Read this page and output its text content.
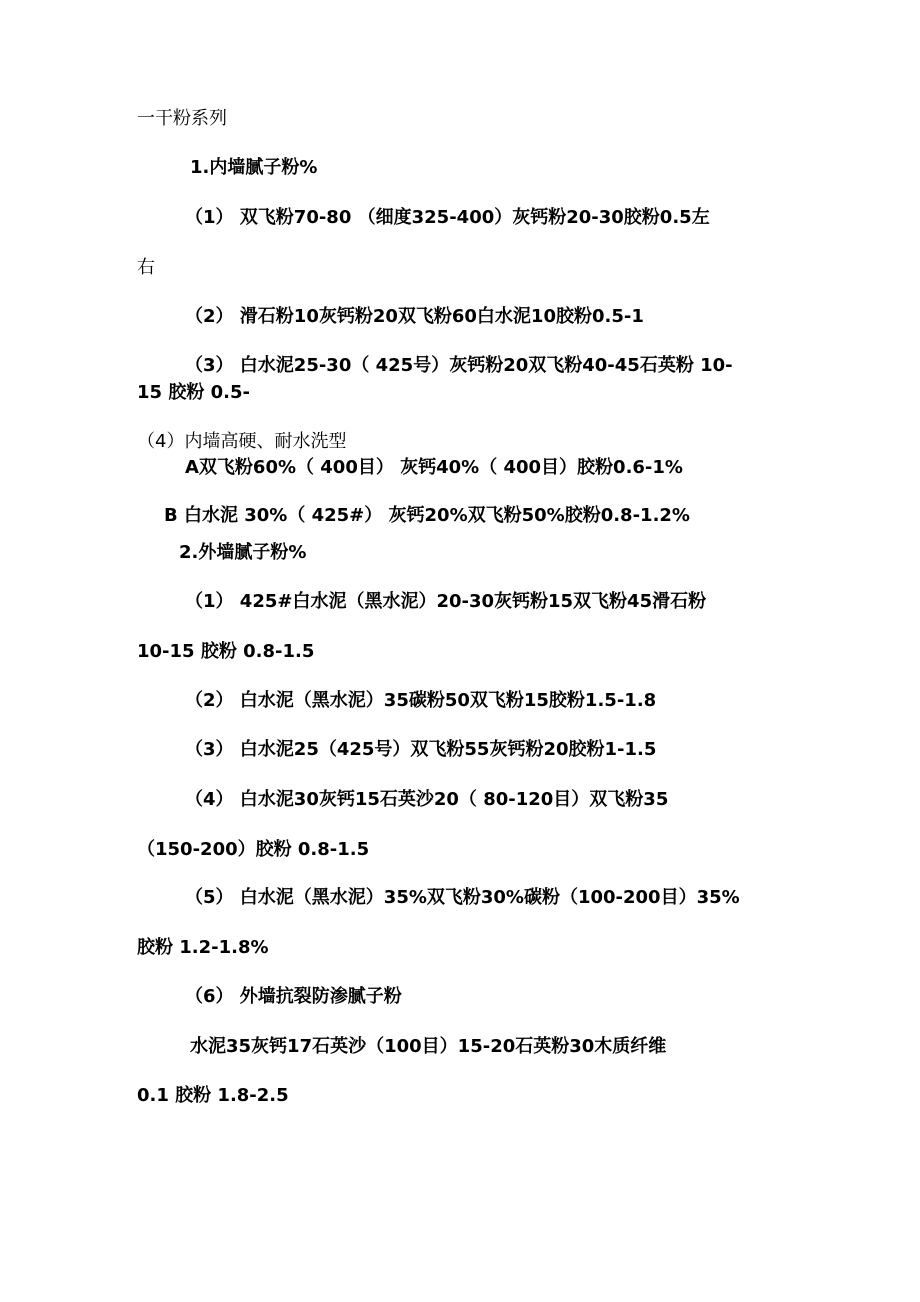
一干粉系列
1.内墙腻子粉%
（1） 双飞粉70-80 （细度325-400）灰钙粉20-30胶粉0.5左
右
（2） 滑石粉10灰钙粉20双飞粉60白水泥10胶粉0.5-1
（3） 白水泥25-30（ 425号）灰钙粉20双飞粉40-45石英粉 10-
15 胶粉 0.5-
（4）内墙高硬、耐水洗型
A双飞粉60%（ 400目） 灰钙40%（ 400目）胶粉0.6-1%
B 白水泥 30%（ 425#） 灰钙20%双飞粉50%胶粉0.8-1.2%
2.外墙腻子粉%
（1） 425#白水泥（黑水泥）20-30灰钙粉15双飞粉45滑石粉
10-15 胶粉 0.8-1.5
（2） 白水泥（黑水泥）35碳粉50双飞粉15胶粉1.5-1.8
（3） 白水泥25（425号）双飞粉55灰钙粉20胶粉1-1.5
（4） 白水泥30灰钙15石英沙20（ 80-120目）双飞粉35
（150-200）胶粉 0.8-1.5
（5） 白水泥（黑水泥）35%双飞粉30%碳粉（100-200目）35%
胶粉 1.2-1.8%
（6） 外墙抗裂防渗腻子粉
水泥35灰钙17石英沙（100目）15-20石英粉30木质纤维
0.1 胶粉 1.8-2.5
